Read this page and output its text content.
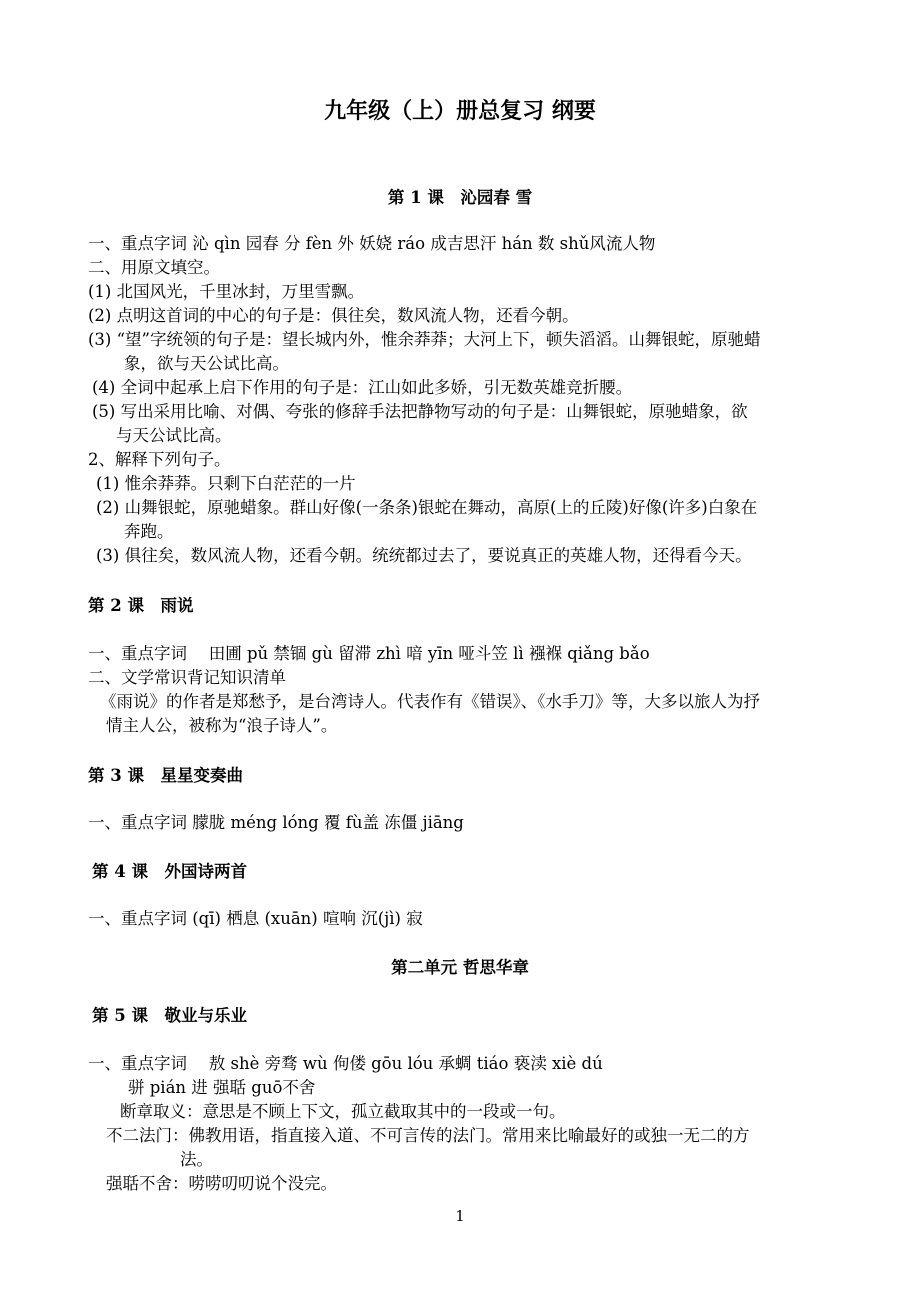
九年级（上）册总复习 纲要
第 1 课　沁园春 雪
一、重点字词 沁 qìn 园春 分 fèn 外 妖娆 ráo 成吉思汗 hán 数 shǔ风流人物
二、用原文填空。
(1) 北国风光，千里冰封，万里雪飘。
(2) 点明这首词的中心的句子是：俱往矣，数风流人物，还看今朝。
(3) “望”字统领的句子是：望长城内外，惟余莽莽；大河上下，顿失滔滔。山舞银蛇，原驰蜡
象，欲与天公试比高。
(4) 全词中起承上启下作用的句子是：江山如此多娇，引无数英雄竞折腰。
(5) 写出采用比喻、对偶、夸张的修辞手法把静物写动的句子是：山舞银蛇，原驰蜡象，欲
与天公试比高。
2、解释下列句子。
(1) 惟余莽莽。只剩下白茫茫的一片
(2) 山舞银蛇，原驰蜡象。群山好像(一条条)银蛇在舞动，高原(上的丘陵)好像(许多)白象在
奔跑。
(3) 俱往矣，数风流人物，还看今朝。统统都过去了，要说真正的英雄人物，还得看今天。
第 2 课　雨说
一、重点字词　 田圃 pǔ 禁锢 gù 留滞 zhì 喑 yīn 哑斗笠 lì 襁褓 qiǎng bǎo
二、文学常识背记知识清单
《雨说》的作者是郑愁予，是台湾诗人。代表作有《错误》、《水手刀》等，大多以旅人为抒
情主人公，被称为“浪子诗人”。
第 3 课　星星变奏曲
一、重点字词 朦胧 méng lóng 覆 fù盖 冻僵 jiāng
第 4 课　外国诗两首
一、重点字词 (qī) 栖息 (xuān) 喧响 沉(jì) 寂
第二单元 哲思华章
第 5 课　敬业与乐业
一、重点字词　 敖 shè 旁骛 wù 佝偻 gōu lóu 承蜩 tiáo 亵渎 xiè dú
骈 pián 进 强聒 guō不舍
断章取义：意思是不顾上下文，孤立截取其中的一段或一句。
不二法门：佛教用语，指直接入道、不可言传的法门。常用来比喻最好的或独一无二的方
法。
强聒不舍：唠唠叨叨说个没完。
1
